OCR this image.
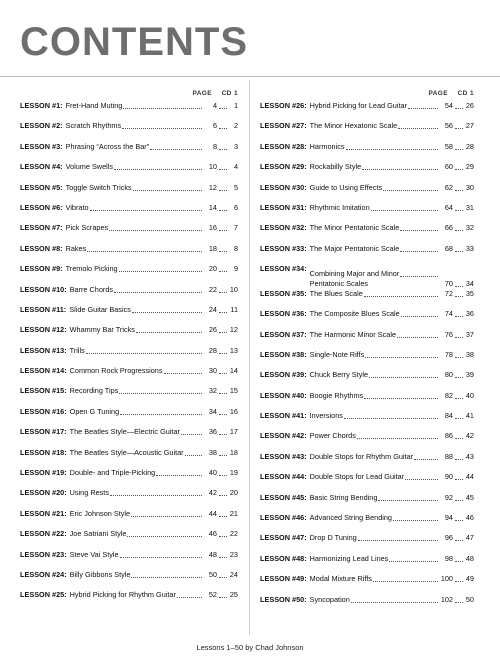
CONTENTS
PAGE CD 1
LESSON #1: Fret-Hand Muting	4	1
LESSON #2: Scratch Rhythms	6	2
LESSON #3: Phrasing “Across the Bar”	8	3
LESSON #4: Volume Swells	10	4
LESSON #5: Toggle Switch Tricks	12	5
LESSON #6: Vibrato	14	6
LESSON #7: Pick Scrapes	16	7
LESSON #8: Rakes	18	8
LESSON #9: Tremolo Picking	20	9
LESSON #10: Barre Chords	22 10
LESSON #11: Slide Guitar Basics	24	11
LESSON #12: Whammy Bar Tricks	26 12
LESSON #13: Trills	28 13
LESSON #14: Common Rock Progressions	30 14
LESSON #15: Recording Tips	32 15
LESSON #16: Open G Tuning	34 16
LESSON #17: The Beatles Style—Electric Guitar	36 17
LESSON #18: The Beatles Style—Acoustic Guitar	38 18
LESSON #19: Double- and Triple-Picking	40 19
LESSON #20: Using Rests	42 20
LESSON #21: Eric Johnson Style	44 21
LESSON #22: Joe Satriani Style	46 22
LESSON #23: Steve Vai Style	48 23
LESSON #24: Billy Gibbons Style	50 24
LESSON #25: Hybrid Picking for Rhythm Guitar	52 25
PAGE CD 1
LESSON #26: Hybrid Picking for Lead Guitar	54 26
LESSON #27: The Minor Hexatonic Scale	56 27
LESSON #28: Harmonics	58 28
LESSON #29: Rockabilly Style	60 29
LESSON #30: Guide to Using Effects	62 30
LESSON #31: Rhythmic Imitation	64 31
LESSON #32: The Minor Pentatonic Scale	66 32
LESSON #33: The Major Pentatonic Scale	68 33
LESSON #34:
Combining Major and Minor
Pentatonic Scales	70 34
LESSON #35: The Blues Scale	72 35
LESSON #36: The Composite Blues Scale	74 36
LESSON #37: The Harmonic Minor Scale	76 37
LESSON #38: Single-Note Riffs	78 38
LESSON #39: Chuck Berry Style	80 39
LESSON #40: Boogie Rhythms	82 40
LESSON #41: Inversions	84 41
LESSON #42: Power Chords	86 42
LESSON #43: Double Stops for Rhythm Guitar	88 43
LESSON #44: Double Stops for Lead Guitar	90 44
LESSON #45: Basic String Bending	92 45
LESSON #46: Advanced String Bending	94 46
LESSON #47: Drop D Tuning	96 47
LESSON #48: Harmonizing Lead Lines	98 48
LESSON #49: Modal Mixture Riffs	100 49
LESSON #50: Syncopation	102 50
Lessons 1–50 by Chad Johnson
